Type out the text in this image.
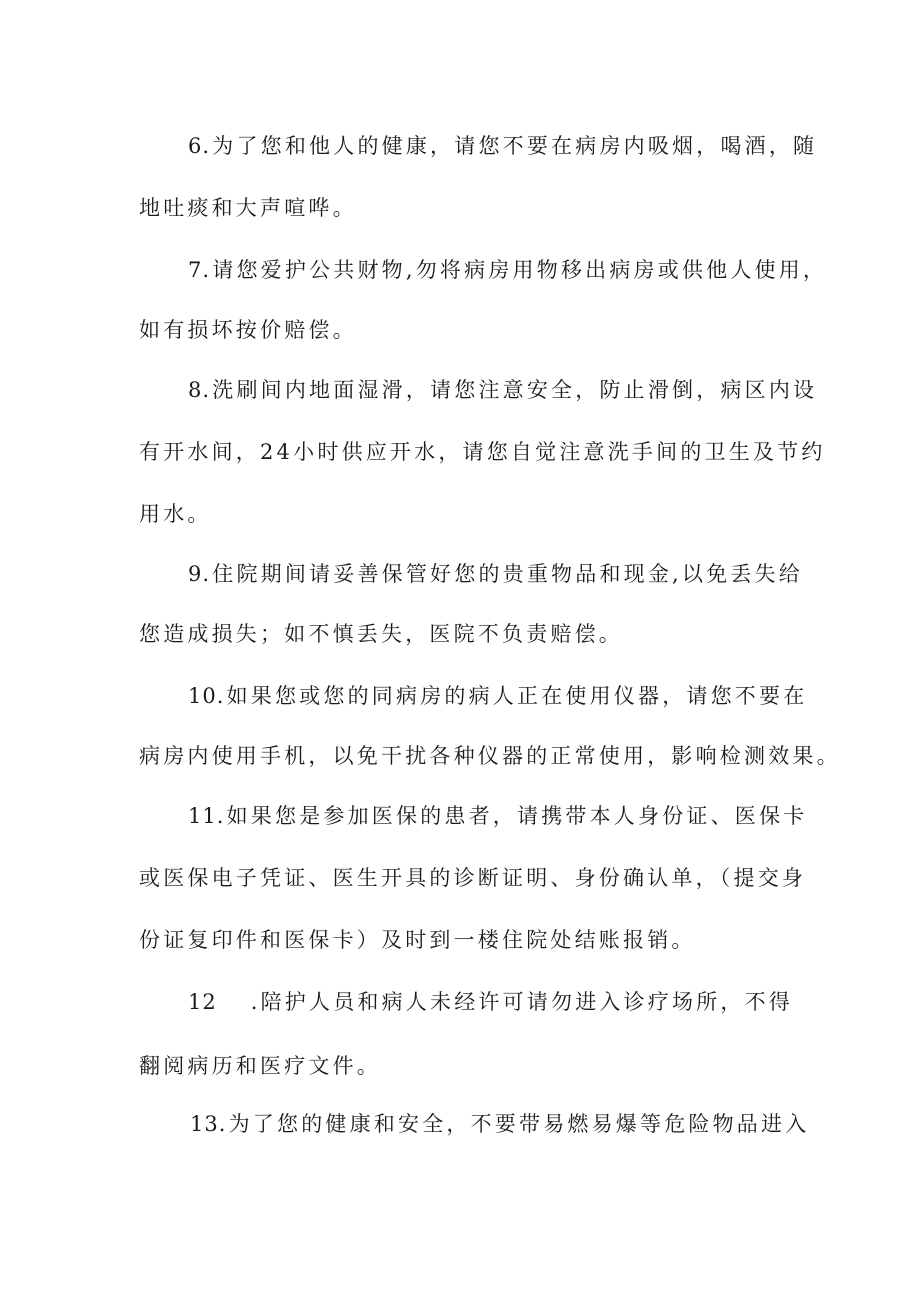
6.为了您和他人的健康，请您不要在病房内吸烟，喝酒，随
地吐痰和大声喧哗。
7.请您爱护公共财物,勿将病房用物移出病房或供他人使用，
如有损坏按价赔偿。
8.洗刷间内地面湿滑，请您注意安全，防止滑倒，病区内设
有开水间，24小时供应开水，请您自觉注意洗手间的卫生及节约
用水。
9.住院期间请妥善保管好您的贵重物品和现金,以免丢失给
您造成损失；如不慎丢失，医院不负责赔偿。
10.如果您或您的同病房的病人正在使用仪器，请您不要在
病房内使用手机，以免干扰各种仪器的正常使用，影响检测效果。
11.如果您是参加医保的患者，请携带本人身份证、医保卡
或医保电子凭证、医生开具的诊断证明、身份确认单，（提交身
份证复印件和医保卡）及时到一楼住院处结账报销。
12 .陪护人员和病人未经许可请勿进入诊疗场所，不得
翻阅病历和医疗文件。
13.为了您的健康和安全，不要带易燃易爆等危险物品进入
